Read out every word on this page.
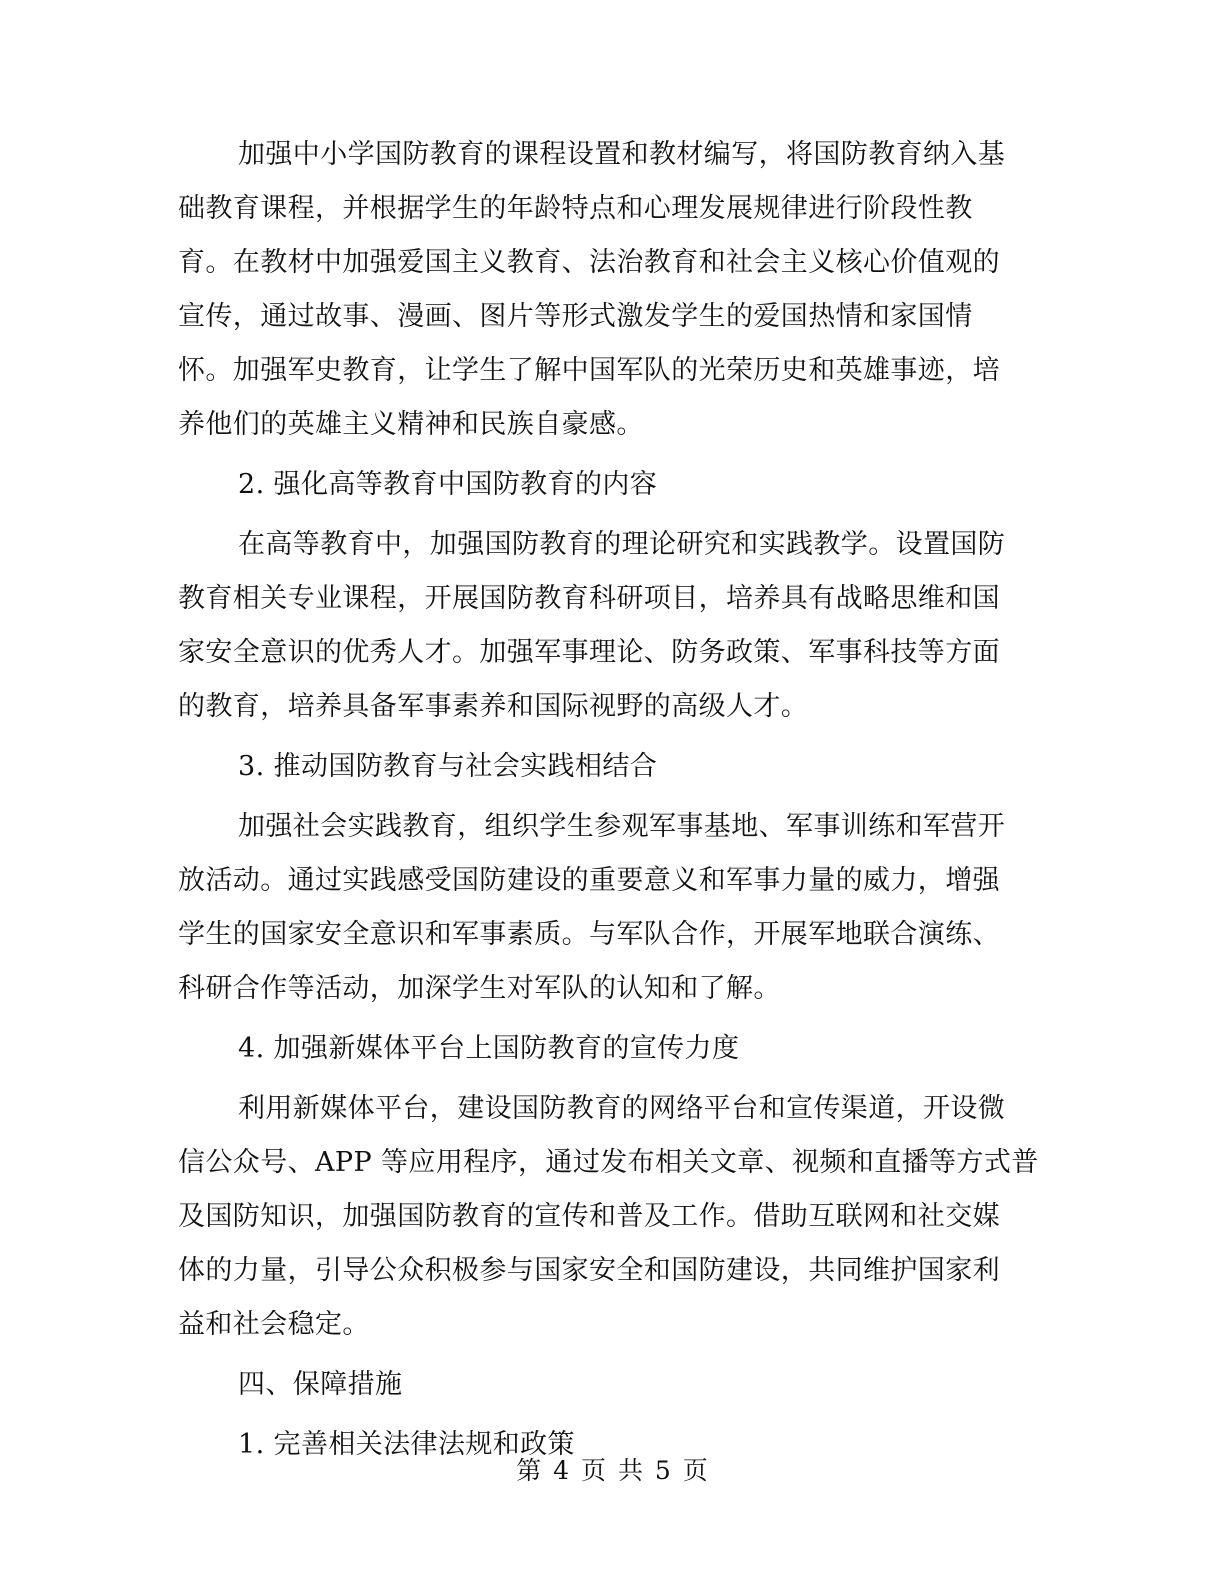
加强中小学国防教育的课程设置和教材编写，将国防教育纳入基
础教育课程，并根据学生的年龄特点和心理发展规律进行阶段性教
育。在教材中加强爱国主义教育、法治教育和社会主义核心价值观的
宣传，通过故事、漫画、图片等形式激发学生的爱国热情和家国情
怀。加强军史教育，让学生了解中国军队的光荣历史和英雄事迹，培
养他们的英雄主义精神和民族自豪感。
2. 强化高等教育中国防教育的内容
在高等教育中，加强国防教育的理论研究和实践教学。设置国防
教育相关专业课程，开展国防教育科研项目，培养具有战略思维和国
家安全意识的优秀人才。加强军事理论、防务政策、军事科技等方面
的教育，培养具备军事素养和国际视野的高级人才。
3. 推动国防教育与社会实践相结合
加强社会实践教育，组织学生参观军事基地、军事训练和军营开
放活动。通过实践感受国防建设的重要意义和军事力量的威力，增强
学生的国家安全意识和军事素质。与军队合作，开展军地联合演练、
科研合作等活动，加深学生对军队的认知和了解。
4. 加强新媒体平台上国防教育的宣传力度
利用新媒体平台，建设国防教育的网络平台和宣传渠道，开设微
信公众号、APP 等应用程序，通过发布相关文章、视频和直播等方式普
及国防知识，加强国防教育的宣传和普及工作。借助互联网和社交媒
体的力量，引导公众积极参与国家安全和国防建设，共同维护国家利
益和社会稳定。
四、保障措施
1. 完善相关法律法规和政策
第 4 页 共 5 页
